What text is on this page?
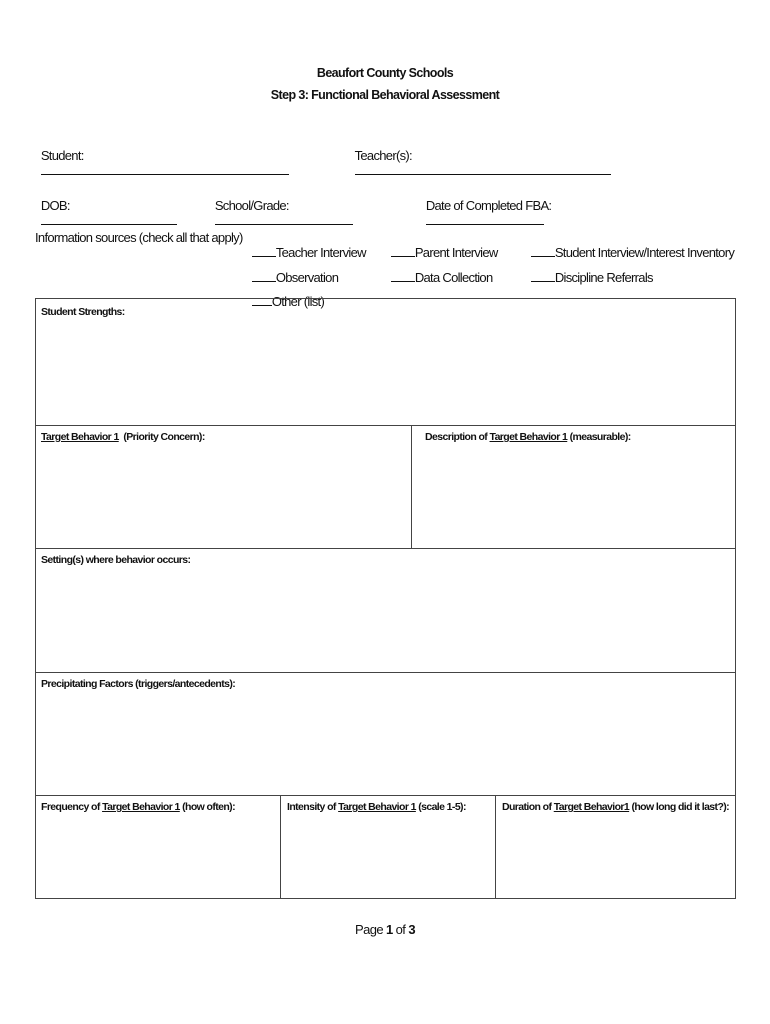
Beaufort County Schools
Step 3: Functional Behavioral Assessment

Student:
	Teacher(s):

DOB:
	School/Grade:
	Date of Completed FBA:

Information sources (check all that apply)

Teacher Interview	Parent Interview	Student Interview/Interest Inventory

Observation	Data Collection	Discipline Referrals

Other (list)

Student Strengths:
Target Behavior 1 (Priority Concern):	Description of Target Behavior 1 (measurable):
Setting(s) where behavior occurs:
Precipitating Factors (triggers/antecedents):
Frequency of Target Behavior 1 (how often):	Intensity of Target Behavior 1 (scale 1-5):	Duration of Target Behavior1 (how long did it last?):
Page 1 of 3
